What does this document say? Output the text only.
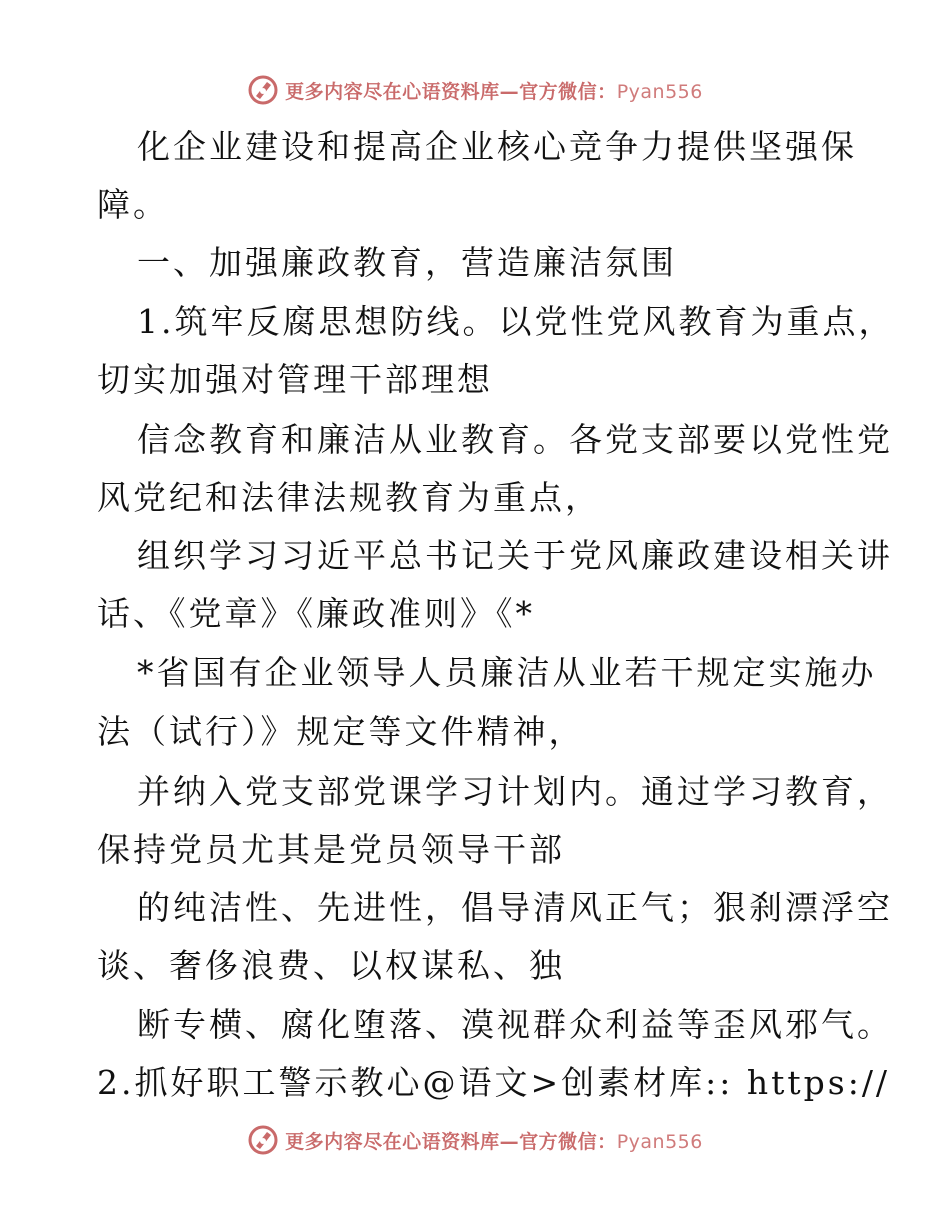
更多内容尽在心语资料库—官方微信：Pyan556
化企业建设和提高企业核心竞争力提供坚强保
障。
一、加强廉政教育，营造廉洁氛围
1.筑牢反腐思想防线。以党性党风教育为重点，
切实加强对管理干部理想
信念教育和廉洁从业教育。各党支部要以党性党
风党纪和法律法规教育为重点，
组织学习习近平总书记关于党风廉政建设相关讲
话、《党章》《廉政准则》《*
*省国有企业领导人员廉洁从业若干规定实施办
法（试行）》规定等文件精神，
并纳入党支部党课学习计划内。通过学习教育，
保持党员尤其是党员领导干部
的纯洁性、先进性，倡导清风正气；狠刹漂浮空
谈、奢侈浪费、以权谋私、独
断专横、腐化堕落、漠视群众利益等歪风邪气。
2.抓好职工警示教心@语文>创素材库:: https://
更多内容尽在心语资料库—官方微信：Pyan556
